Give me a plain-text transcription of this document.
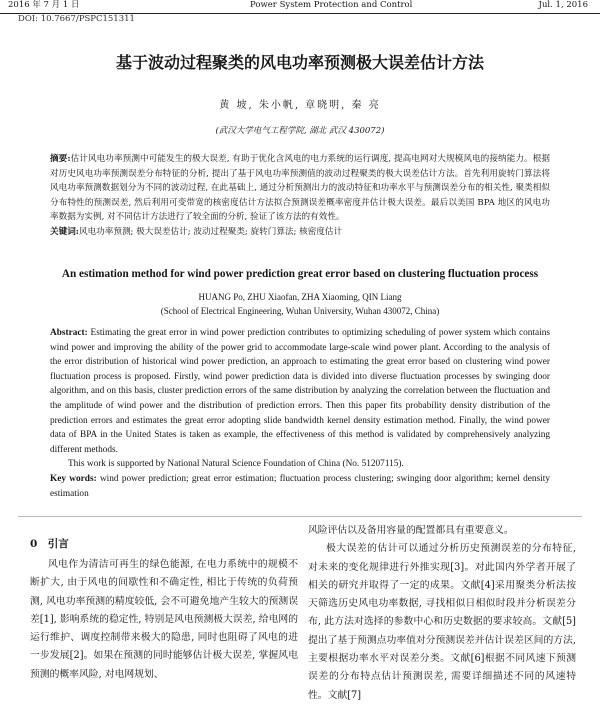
2016 年 7 月 1 日	Power System Protection and Control	Jul. 1, 2016
DOI: 10.7667/PSPC151311
基于波动过程聚类的风电功率预测极大误差估计方法
黄 坡, 朱小帆, 章晓明, 秦 亮
(武汉大学电气工程学院, 湖北 武汉 430072)
摘要:估计风电功率预测中可能发生的极大误差, 有助于优化含风电的电力系统的运行调度, 提高电网对大规模风电的接纳能力。根据对历史风电功率预测误差分布特征的分析, 提出了基于风电功率预测值的波动过程聚类的极大误差估计方法。首先利用旋转门算法将风电功率预测数据划分为不同的波动过程, 在此基础上, 通过分析预测出力的波动特征和功率水平与预测误差分布的相关性, 聚类相似分布特性的预测误差, 然后利用可变带宽的核密度估计方法拟合预测误差概率密度并估计极大误差。最后以美国 BPA 地区的风电功率数据为实例, 对不同估计方法进行了较全面的分析, 验证了该方法的有效性。
关键词:风电功率预测; 极大误差估计; 波动过程聚类; 旋转门算法; 核密度估计
An estimation method for wind power prediction great error based on clustering fluctuation process
HUANG Po, ZHU Xiaofan, ZHA Xiaoming, QIN Liang
(School of Electrical Engineering, Wuhan University, Wuhan 430072, China)

Abstract: Estimating the great error in wind power prediction contributes to optimizing scheduling of power system which contains wind power and improving the ability of the power grid to accommodate large-scale wind power plant. According to the analysis of the error distribution of historical wind power prediction, an approach to estimating the great error based on clustering wind power fluctuation process is proposed. Firstly, wind power prediction data is divided into diverse fluctuation processes by swinging door algorithm, and on this basis, cluster prediction errors of the same distribution by analyzing the correlation between the fluctuation and the amplitude of wind power and the distribution of prediction errors. Then this paper fits probability density distribution of the prediction errors and estimates the great error adopting slide bandwidth kernel density estimation method. Finally, the wind power data of BPA in the United States is taken as example, the effectiveness of this method is validated by comprehensively analyzing different methods.

This work is supported by National Natural Science Foundation of China (No. 51207115).

Key words: wind power prediction; great error estimation; fluctuation process clustering; swinging door algorithm; kernel density estimation

0　引言

风电作为清洁可再生的绿色能源, 在电力系统中的规模不断扩大, 由于风电的间歇性和不确定性, 相比于传统的负荷预测, 风电功率预测的精度较低, 会不可避免地产生较大的预测误差[1], 影响系统的稳定性, 特别是风电预测极大误差, 给电网的运行维护、调度控制带来极大的隐患, 同时也阻碍了风电的进一步发展[2]。如果在预测的同时能够估计极大误差, 掌握风电预测的概率风险, 对电网规划、

风险评估以及备用容量的配置都具有重要意义。

极大误差的估计可以通过分析历史预测误差的分布特征, 对未来的变化规律进行外推实现[3]。对此国内外学者开展了相关的研究并取得了一定的成果。文献[4]采用聚类分析法按天筛选历史风电功率数据, 寻找相似日相似时段并分析误差分布, 此方法对选择的参数中心和历史数据的要求较高。文献[5]提出了基于预测点功率值对分预测误差并估计误差区间的方法, 主要根据功率水平对误差分类。文献[6]根据不同风速下预测误差的分布特点估计预测误差, 需要详细描述不同的风速特性。文献[7]
